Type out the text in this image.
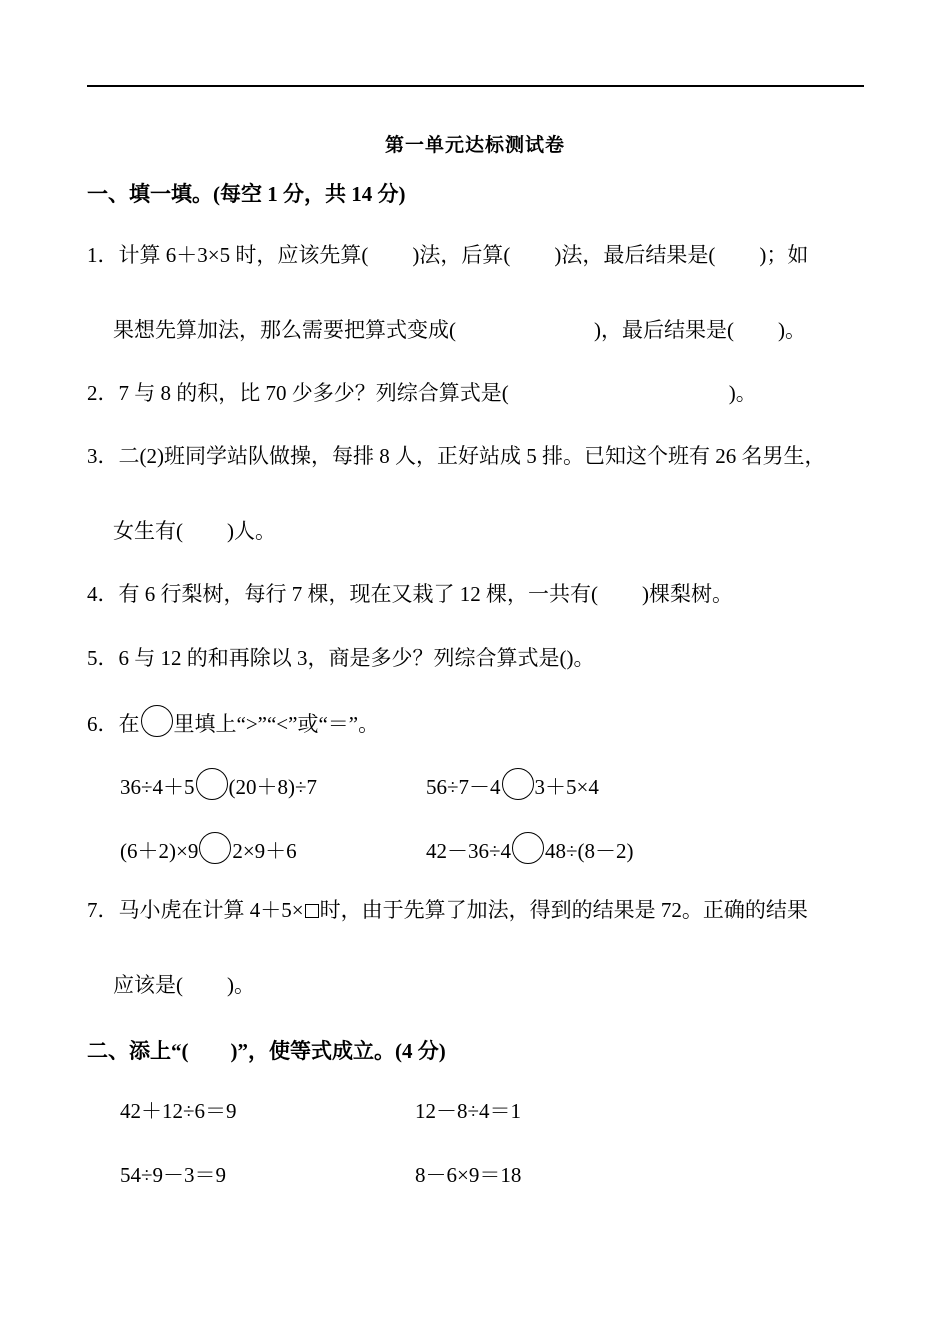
第一单元达标测试卷
一、填一填。(每空 1 分，共 14 分)
1．计算 6＋3×5 时，应该先算( )法，后算( )法，最后结果是( )；如
果想先算加法，那么需要把算式变成(	)，最后结果是( )。
2．7 与 8 的积，比 70 少多少？列综合算式是(	)。
3．二(2)班同学站队做操，每排 8 人，正好站成 5 排。已知这个班有 26 名男生，
女生有( )人。
4．有 6 行梨树，每行 7 棵，现在又栽了 12 棵，一共有( )棵梨树。
5．6 与 12 的和再除以 3，商是多少？列综合算式是()。
6．在 里填上“>”“<”或“＝”。
36÷4＋5 (20＋8)÷7	56÷7－4 3＋5×4
(6＋2)×9 2×9＋6	42－36÷4 48÷(8－2)
7．马小虎在计算 4＋5× 时，由于先算了加法，得到的结果是 72。正确的结果
应该是( )。
二、添上“(　　)”，使等式成立。(4 分)
42＋12÷6＝9	12－8÷4＝1
54÷9－3＝9	8－6×9＝18
